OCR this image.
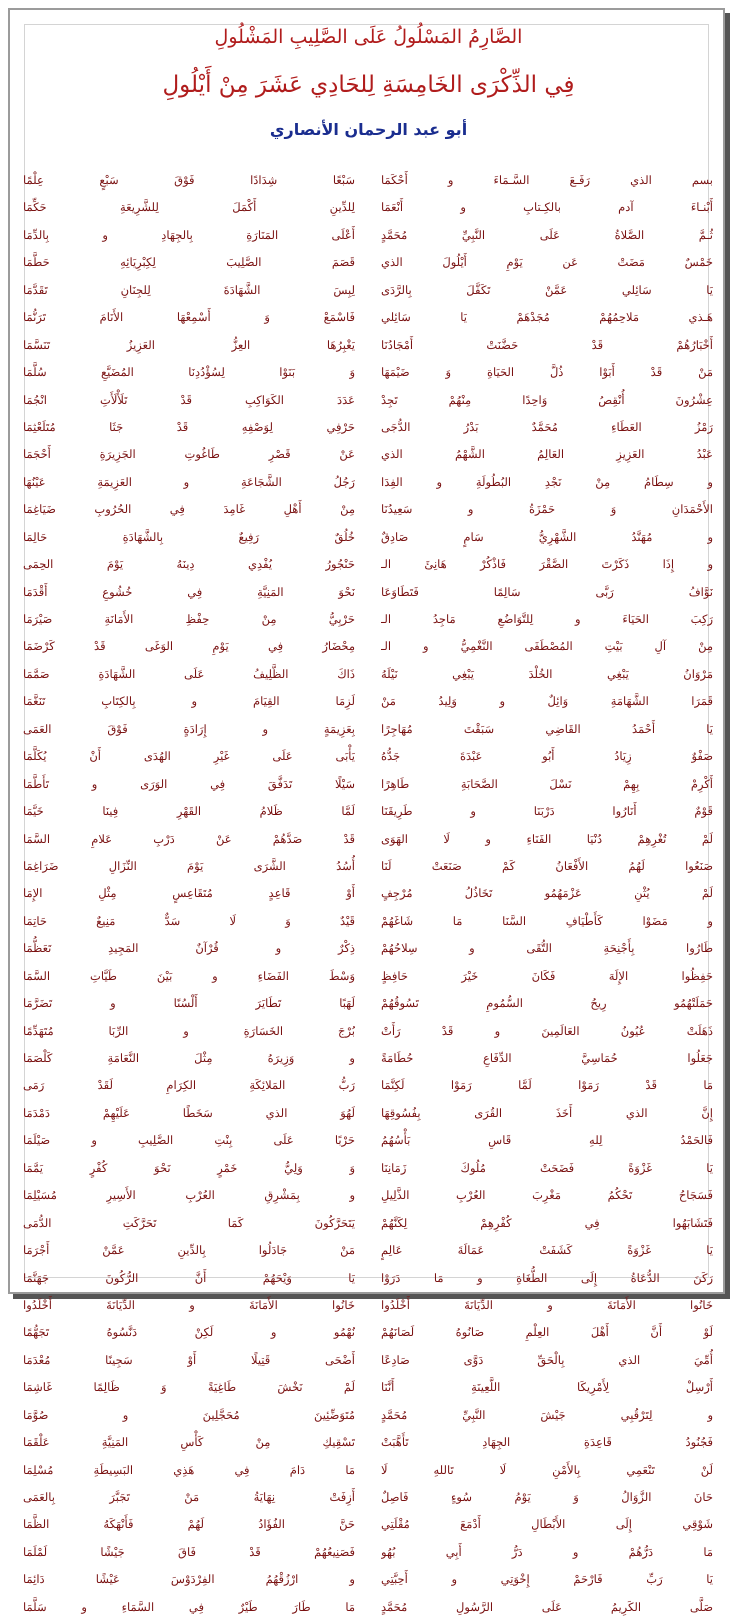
الصَّارِمُ المَسْلُولُ عَلَى الصَّلِيبِ المَشْلُولِ
فِي الذِّكْرَى الخَامِسَةِ لِلحَادِي عَشَرَ مِنْ أَيْلُولِ
أبو عبد الرحمان الأنصاري
بسم الذي رَفَـعَ السَّـمَاءَ و أَحْكَمَا
أَبْنـاءَ آدم بالكِـتابِ و أَنْعَمَا
ثُـمَّ الصَّلاةُ عَلَى النَّبِيِّ مُحَمَّدٍ
خَمْسٌ مَضَتْ عَن يَوْمِ أَيْلُولَ الذي
يَا سَائِلي عَمَّنْ تَكَفَّلَ بِالرَّدَى
هَـذي مَلاحِمُهُمْ مُجَدْهَمْ يَا سَائِلي
أَخْبَارُهُمْ قَدْ حَضَّنَتْ أَمْجَادُنَا
مَنْ قَدْ أَبَوْا ذُلَّ الحَيَاةِ وَ ضَيْمَهَا
عِشْرُونَ أُنْقِصُ وَاحِدًا مِنْهُمْ تَجِدْ
رَمْزُ العَطَاءِ مُحَمَّدٌ بَدْرُ الدُّجَى
عَبْدُ العَزِيزِ العَالِمُ الشَّهْمُ الذي
و سِطَامُ مِنْ نَجْدِ البُطُولَةِ و الفِدَا
الأَحْمَدَانِ وَ حَمْزَةُ و سَعِيدُنَا
و مُهَنَّدُ الشَّهْرِيُّ سَامٍ صَادِقٌ
و إِذَا ذَكَرْتَ الصَّقْرَ فَاذْكُرْ هَانِئَ الـ
نَوَّافُ رَبَّى سَالِمًا فَتَطَاوَعَا
رَكِبَ الحَيَاءَ و لِلتَّوَاضُعِ مَاجِدُ الـ
مِنْ آلِ بَيْتِ المُصْطَفَى النَّغْمِيُّ و الـ
مَرْوَانُ يَبْغِي الخُلْدَ يَبْغِي نَيْلَهُ
قَمَرَا الشَّهَامَةِ وَائِلٌ و وَلِيدُ مَنْ
يَا أَحْمَدُ القَاضِي سَبَقْتَ مُهَاجِرًا
صَفْوٌ زِيَادُ أَبُو عَبْدَةَ جَدُّهُ
أَكْرِمْ بِهِمْ نَسْلَ الصَّحَابَةِ طَاهِرًا
قَوْمٌ أَنَارُوا دَرْبَنَا و طَرِيقَنَا
لَمْ تُغْرِهِمْ دُنْيَا الفَنَاءِ و لَا الهَوَى
صَنَعُوا لَهُمُ الأَفْعَانُ كَمْ صَنَعَتْ لَنَا
لَمْ يُثْنِ عَزْمَهُمُو تَخَاذُلُ مُرْجِفٍ
و مَضَوْا كَأَطْيَافِ السَّنَا مَا شَاغَهُمْ
طَارُوا بِأَجْنِحَةِ التُّقَى و سِلاحُهُمْ
حَفِظُوا الإِلَهَ فَكَانَ خَيْرَ حَافِظٍ
حَمَلَتْهُمُو رِيحُ السُّمُومِ تَسُوقُهُمْ
ذَهَلَتْ عُيُونُ العَالَمِينَ و قَدْ رَأَتْ
جَعَلُوا حُمَاسِيَّ الدِّفَاعِ حُطَامَةً
مَا قَدْ رَمَوْا لَمَّا رَمَوْا لَكِنَّمَا
إِنَّ الذي أَخَذَ القُرَى بِفُسُوقِهَا
فَالحَمْدُ لِلهِ قَاسِ بَأْسُهُمُ
يَا غَزْوَةً فَضَحَتْ مُلُوكَ زَمَانِنَا
فَسَجَاحُ تَحْكُمُ مَغْرِبَ العُرْبِ الذَّلِيلِ
فَتَشَابَهُوا فِي كُفْرِهِمْ لِكَنَّهُمْ
يَا غَزْوَةً كَشَفَتْ عَمَالَةَ عَالِمٍ
رَكَنَ الدُّعَاةُ إِلَى الطُّغَاةِ و مَا دَرَوْا
خَانُوا الأَمَانَةَ و الدِّيَانَةَ أَخْلَدُوا
لَوْ أَنَّ أَهْلَ العِلْمِ صَانُوهُ لَصَانَهُمْ
أُمِّيَ الذي بِالْحَقِّ دَوَّى صَادِعًا
أَرْسِلْ لِأَمْرِيكَا اللَّعِينَةِ أَنَّنَا
و لِتَرْقُبِي جَيْشَ النَّبِيِّ مُحَمَّدٍ
فَجُنُودُ قَاعِدَةِ الجِهَادِ تَأَهَّبَتْ
لَنْ تَنْعَمِي بِالأَمْنِ لَا تَاللهِ لَا
حَانَ الزَّوَالُ وَ يَوْمُ سُوءٍ فَاصِلٌ
شَوْقِي إِلَى الأَبْطَالِ أَدْمَعَ مُقْلَتِي
مَا دَرُّهُمْ و دَرُّ أَبِي بُهُو
يَا رَبِّ فَارْحَمْ إِخْوَتِي و أَحِبَّتِي
صَلَّى الكَرِيمُ عَلَى الرَّسُولِ مُحَمَّدٍ
سَبْعًا شِدَادًا فَوْقَ سَبْعٍ عِلْمًا
لِلدِّينِ أَكْمَلَ لِلشَّرِيعَةِ حَكِّمَا
أَعْلَى المَنَارَةِ بِالجِهَادِ و بِالدِّمَا
قَصَمَ الصَّلِيبَ لِكِبْرِيَائِهِ حَطَّمَا
لِبِسَ الشَّهَادَةَ لِلجِنَانِ تَقَدَّمَا
فَاسْمَعْ وَ أَسْمِعْهَا الأَنَامَ تَرَنُّمَا
يَغْبِرُهَا العِزُّ العَزِيزُ تَنَسَّمَا
وَ بَنَوْا لِسُؤْدُدِنَا المُضَيَّعِ سُلَّمَا
عَدَدَ الكَوَاكِبِ قَدْ تَلَأْلَأَتِ انْجُمَا
حَرْفِي لِوَصْفِهِ قَدْ جَثَا مُتَلَعْثِمَا
عَنْ قَصْرِ طَاغُوتِ الجَزِيرَةِ أَحْجَمَا
رَجُلُ الشَّجَاعَةِ و العَزِيمَةِ عَيْنُهَا
مِنْ أَهْلِ غَامِدَ فِي الحُرُوبِ ضَيَاغِمَا
خُلُقٌ رَفِيعٌ بِالشَّهَادَةِ حَالِمَا
حَنْجُورُ يُفْدِي دِينَهُ يَوْمَ الحِمَى
نَحْوَ المَنِيَّةِ فِي خُشُوعِ أَقْدَمَا
حَرْبِيُّ مِنْ حِفْظِ الأَمَانَةِ صَيْرَمَا
مِحْضَارُ فِي يَوْمِ الوَغَى قَدْ كَرْضَمَا
ذَاكَ الظَّلِيفُ عَلَى الشَّهَادَةِ صَمَّمَا
لَزِمَا القِيَامَ و بِالكِتَابِ تَنَغَّمَا
بِعَزِيمَةٍ و إِرَادَةٍ فَوْقَ العَمَى
يَأْبَى عَلَى غَيْرِ الهُدَى أَنْ يُكَلَّمَا
سَيْلًا تَدَفَّقَ فِي الوَرَى و تَأَطَّمَا
لَمَّا ظَلامُ القَهْرِ فِينَا خَيَّمَا
قَدْ صَدَّهُمْ عَنْ دَرْبِ عَلامِ السَّمَا
أُسُدُ الشَّرَى يَوْمَ النِّزَالِ ضَرَاغِمَا
أَوْ قَاعِدٍ مُتَقَاعِسٍ مِثْلِ الإِمَا
قَيْدٌ وَ لَا سَدٌّ مَنِيعٌ حَاتِمَا
ذِكْرٌ و قُرْآنٌ المَجِيدِ تَعَظُّمَا
وَسْطَ الفَضَاءِ و بَيْنَ طَيَّاتِ السَّمَا
لَهَبًا تَطَايَرَ أَلْسُنًا و تَضَرَّمَا
بُرْجَ الخَسَارَةِ و الرِّبَا مُتَهَدِّمًا
و وَزِيرَهُ مِثْلَ النَّعَامَةِ كَلْصَمَا
رَبُّ المَلائِكَةِ الكِرَامِ لَقَدْ رَمَى
لَهُوَ الذي سَخَطًا عَلَيْهِمْ دَمْدَمَا
حَرْبًا عَلَى بِنْتِ الصَّلِيبِ و صَيْلَمَا
وَ وَلِيُّ خَمْرٍ نَحْوَ كُفْرٍ يَمَّمَا
و بِمَشْرِقِ العُرْبِ الأَسِيرِ مُسَيْلِمَا
يَتَحَرَّكُونَ كَمَا تَحَرَّكَتِ الدُّمَى
مَنْ جَادَلُوا بِالدِّينِ عَمَّنْ أَجْرَمَا
يَا وَيْحَهُمْ أَنَّ الرُّكُونَ جَهَنَّمَا
خَانُوا الأَمَانَةَ و الدِّيَانَةَ أَخْلَدُوا
نُهْمُو و لَكِنْ دَنَّسُوهُ تَجَهُّمًا
أَضْحَى قَتِيلًا أَوْ سَجِينًا مُعْدَمَا
لَمْ نَخْشَ طَاغِيَةً وَ ظَالِمًا غَاشِمَا
مُتَوَضِّئِينَ مُحَجَّلِينَ و صُوَّمَا
تَسْقِيكِ مِنْ كَأْسِ المَنِيَّةِ عَلْقَمَا
مَا دَامَ فِي هَذِي البَسِيطَةِ مُسْلِمَا
أَزِفَتْ نِهَايَةُ مَنْ تَجَبَّرَ بِالعَمَى
حَنَّ الفُؤَادُ لَهُمْ فَأَنْهَكَهُ الظَّمَا
فَصَنِيعُهُمْ قَدْ فَاقَ جَيْشًا لَمْلَمَا
و ارْزُقْهُمُ الفِرْدَوْسَ عَيْشًا دَائِمَا
مَا طَارَ طَيْرٌ فِي السَّمَاءِ و سَلَّمَا
